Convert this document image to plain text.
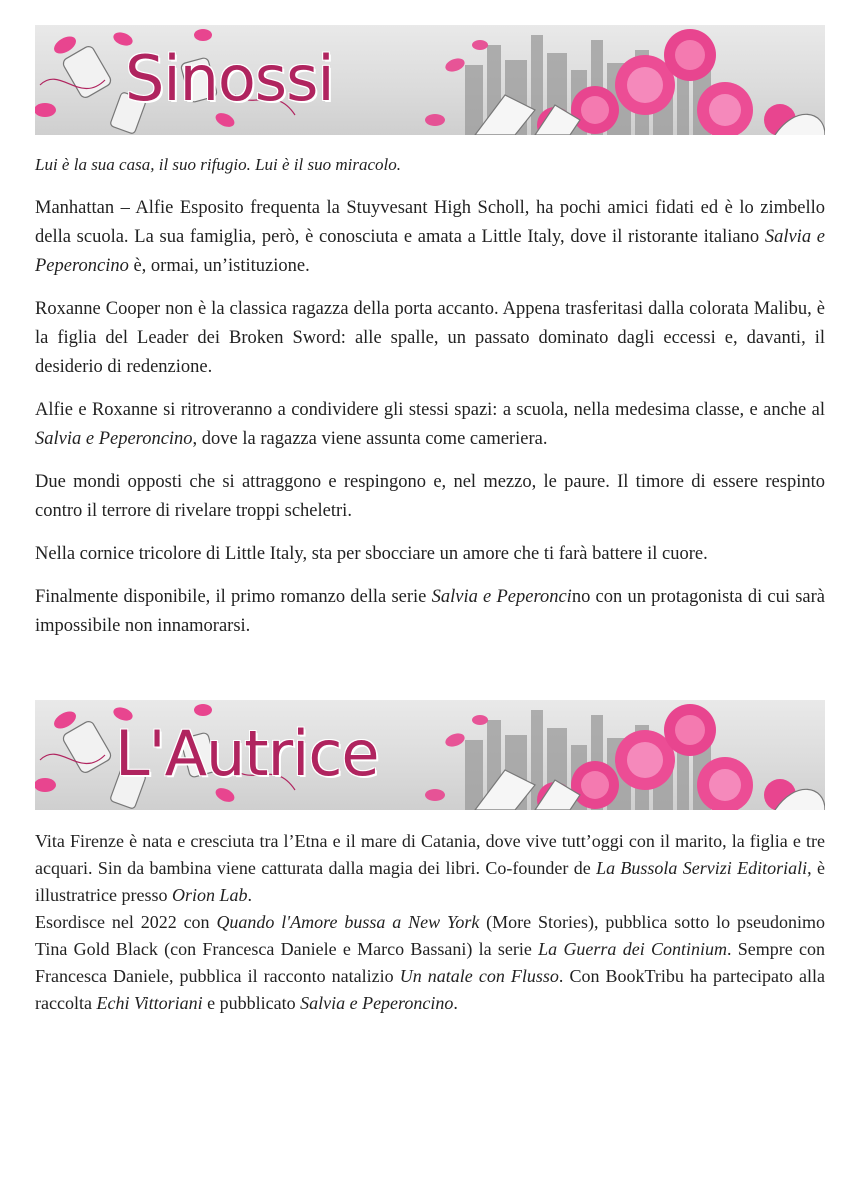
Sinossi

Lui è la sua casa, il suo rifugio. Lui è il suo miracolo.

Manhattan – Alfie Esposito frequenta la Stuyvesant High Scholl, ha pochi amici fidati ed è lo zimbello della scuola. La sua famiglia, però, è conosciuta e amata a Little Italy, dove il ristorante italiano Salvia e Peperoncino è, ormai, un’istituzione.

Roxanne Cooper non è la classica ragazza della porta accanto. Appena trasferitasi dalla colorata Malibu, è la figlia del Leader dei Broken Sword: alle spalle, un passato dominato dagli eccessi e, davanti, il desiderio di redenzione.

Alfie e Roxanne si ritroveranno a condividere gli stessi spazi: a scuola, nella medesima classe, e anche al Salvia e Peperoncino, dove la ragazza viene assunta come cameriera.

Due mondi opposti che si attraggono e respingono e, nel mezzo, le paure. Il timore di essere respinto contro il terrore di rivelare troppi scheletri.

Nella cornice tricolore di Little Italy, sta per sbocciare un amore che ti farà battere il cuore.

Finalmente disponibile, il primo romanzo della serie Salvia e Peperoncino con un protagonista di cui sarà impossibile non innamorarsi.

L'Autrice

Vita Firenze è nata e cresciuta tra l’Etna e il mare di Catania, dove vive tutt’oggi con il marito, la figlia e tre acquari. Sin da bambina viene catturata dalla magia dei libri. Co-founder de La Bussola Servizi Editoriali, è illustratrice presso Orion Lab.

Esordisce nel 2022 con Quando l'Amore bussa a New York (More Stories), pubblica sotto lo pseudonimo Tina Gold Black (con Francesca Daniele e Marco Bassani) la serie La Guerra dei Continium. Sempre con Francesca Daniele, pubblica il racconto natalizio Un natale con Flusso. Con BookTribu ha partecipato alla raccolta Echi Vittoriani e pubblicato Salvia e Peperoncino.
